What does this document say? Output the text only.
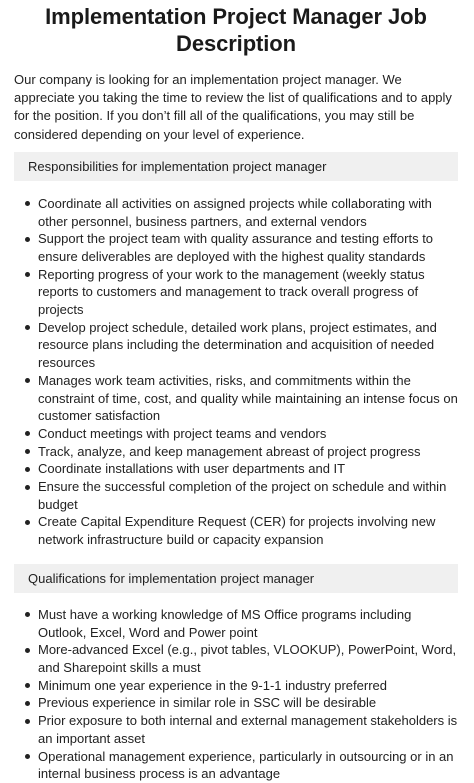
Implementation Project Manager Job Description

Our company is looking for an implementation project manager. We appreciate you taking the time to review the list of qualifications and to apply for the position. If you don’t fill all of the qualifications, you may still be considered depending on your level of experience.

Responsibilities for implementation project manager
Coordinate all activities on assigned projects while collaborating with other personnel, business partners, and external vendors
Support the project team with quality assurance and testing efforts to ensure deliverables are deployed with the highest quality standards
Reporting progress of your work to the management (weekly status reports to customers and management to track overall progress of projects
Develop project schedule, detailed work plans, project estimates, and resource plans including the determination and acquisition of needed resources
Manages work team activities, risks, and commitments within the constraint of time, cost, and quality while maintaining an intense focus on customer satisfaction
Conduct meetings with project teams and vendors
Track, analyze, and keep management abreast of project progress
Coordinate installations with user departments and IT
Ensure the successful completion of the project on schedule and within budget
Create Capital Expenditure Request (CER) for projects involving new network infrastructure build or capacity expansion
Qualifications for implementation project manager
Must have a working knowledge of MS Office programs including Outlook, Excel, Word and Power point
More-advanced Excel (e.g., pivot tables, VLOOKUP), PowerPoint, Word, and Sharepoint skills a must
Minimum one year experience in the 9-1-1 industry preferred
Previous experience in similar role in SSC will be desirable
Prior exposure to both internal and external management stakeholders is an important asset
Operational management experience, particularly in outsourcing or in an internal business process is an advantage
